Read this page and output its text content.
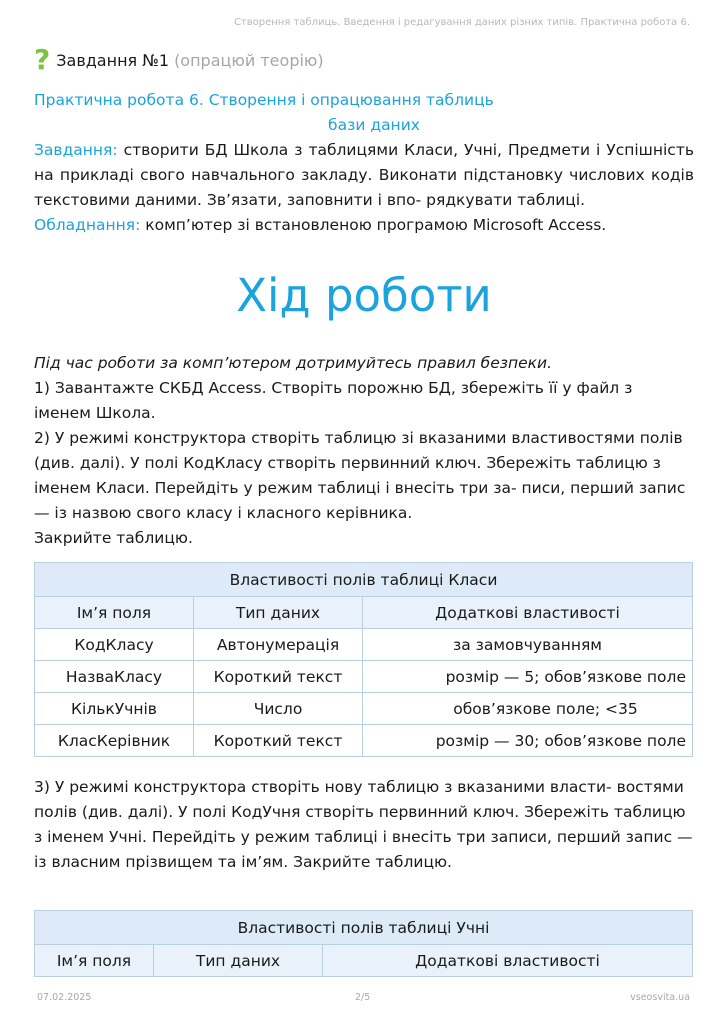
Створення таблиць. Введення і редагування даних різних типів. Практична робота 6.
? Завдання №1 (опрацюй теорію)
Практична робота 6. Створення і опрацювання таблиць
бази даних
Завдання: створити БД Школа з таблицями Класи, Учні, Предмети і Успішність на прикладі свого навчального закладу. Виконати підстановку числових кодів текстовими даними. Зв’язати, заповнити і впо- рядкувати таблиці.
Обладнання: комп’ютер зі встановленою програмою Microsoft Access.
Хід роботи
Під час роботи за комп’ютером дотримуйтесь правил безпеки.
1) Завантажте СКБД Access. Створіть порожню БД, збережіть її у файл з іменем Школа.
2) У режимі конструктора створіть таблицю зі вказаними властивостями полів (див. далі). У полі КодКласу створіть первинний ключ. Збережіть таблицю з іменем Класи. Перейдіть у режим таблиці і внесіть три за- писи, перший запис — із назвою свого класу і класного керівника.
Закрийте таблицю.
Властивості полів таблиці Класи		
Ім’я поля	Тип даних	Додаткові властивості
КодКласу	Автонумерація	за замовчуванням
НазваКласу	Короткий текст	розмір — 5; обов’язкове поле
КількУчнів	Число	обов’язкове поле; <35
КласКерівник	Короткий текст	розмір — 30; обов’язкове поле
3) У режимі конструктора створіть нову таблицю з вказаними власти- востями полів (див. далі). У полі КодУчня створіть первинний ключ. Збережіть таблицю з іменем Учні. Перейдіть у режим таблиці і внесіть три записи, перший запис — із власним прізвищем та ім’ям. Закрийте таблицю.
Властивості полів таблиці Учні
Ім’я поля	Тип даних	Додаткові властивості
07.02.2025	2/5	vseosvita.ua
